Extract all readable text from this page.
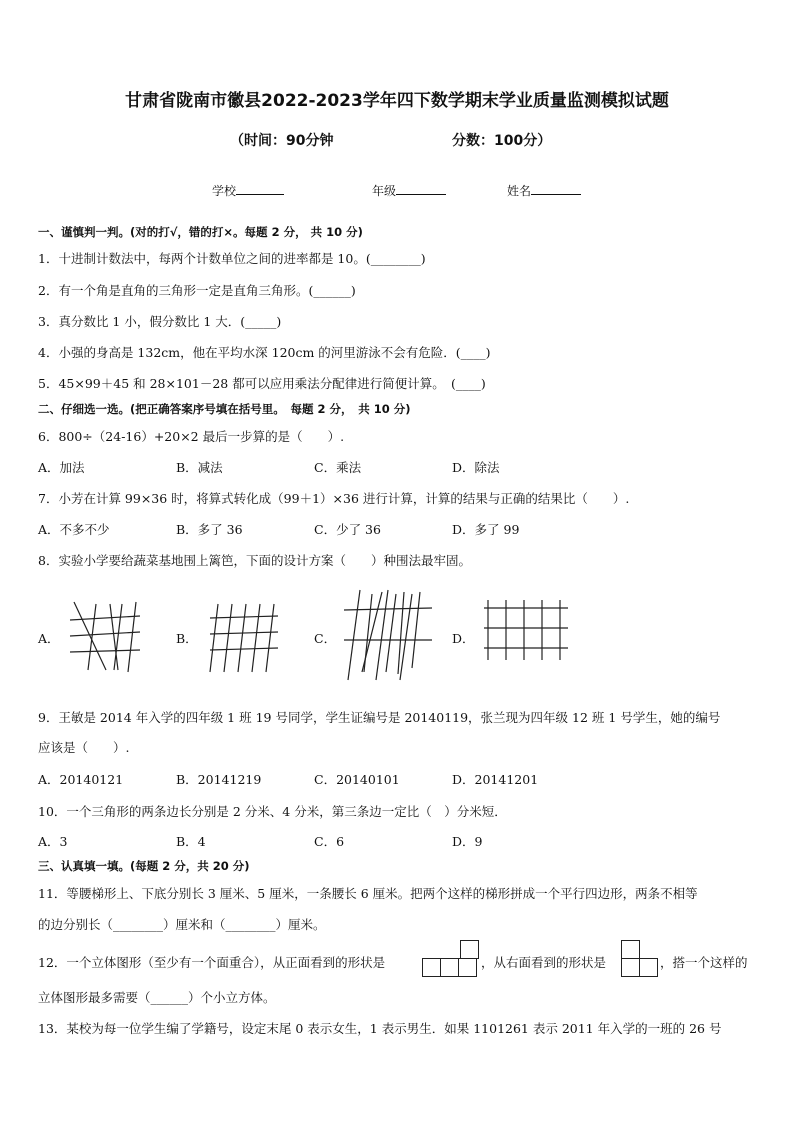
甘肃省陇南市徽县2022-2023学年四下数学期末学业质量监测模拟试题
（时间：90分钟	分数：100分）
学校	年级	姓名
一、谨慎判一判。(对的打√，错的打×。每题 2 分， 共 10 分)
1．十进制计数法中，每两个计数单位之间的进率都是 10。(________)
2．有一个角是直角的三角形一定是直角三角形。(______)
3．真分数比 1 小，假分数比 1 大．(_____)
4．小强的身高是 132cm，他在平均水深 120cm 的河里游泳不会有危险．(____)
5．45×99＋45 和 28×101－28 都可以应用乘法分配律进行简便计算。　(____)
二、仔细选一选。(把正确答案序号填在括号里。　每题 2 分，　共 10 分)
6．800÷（24-16）+20×2 最后一步算的是（　　）.
A．加法	B．减法	C．乘法	D．除法
7．小芳在计算 99×36 时，将算式转化成（99＋1）×36 进行计算，计算的结果与正确的结果比（　　）.
A．不多不少	B．多了 36	C．少了 36	D．多了 99
8．实验小学要给蔬菜基地围上篱笆，下面的设计方案（　　）种围法最牢固。
A．	B．	C．	D．
9．王敏是 2014 年入学的四年级 1 班 19 号同学，学生证编号是 20140119，张兰现为四年级 12 班 1 号学生，她的编号
应该是（　　）.
A．20140121	B．20141219	C．20140101	D．20141201
10．一个三角形的两条边长分别是 2 分米、4 分米，第三条边一定比（　）分米短．
A．3	B．4	C．6	D．9
三、认真填一填。(每题 2 分，共 20 分)
11．等腰梯形上、下底分别长 3 厘米、5 厘米，一条腰长 6 厘米。把两个这样的梯形拼成一个平行四边形，两条不相等
的边分别长（________）厘米和（________）厘米。
12．一个立体图形（至少有一个面重合），从正面看到的形状是	，从右面看到的形状是	，搭一个这样的
立体图形最多需要（______）个小立方体。
13．某校为每一位学生编了学籍号，设定末尾 0 表示女生，1 表示男生．如果 1101261 表示 2011 年入学的一班的 26 号
